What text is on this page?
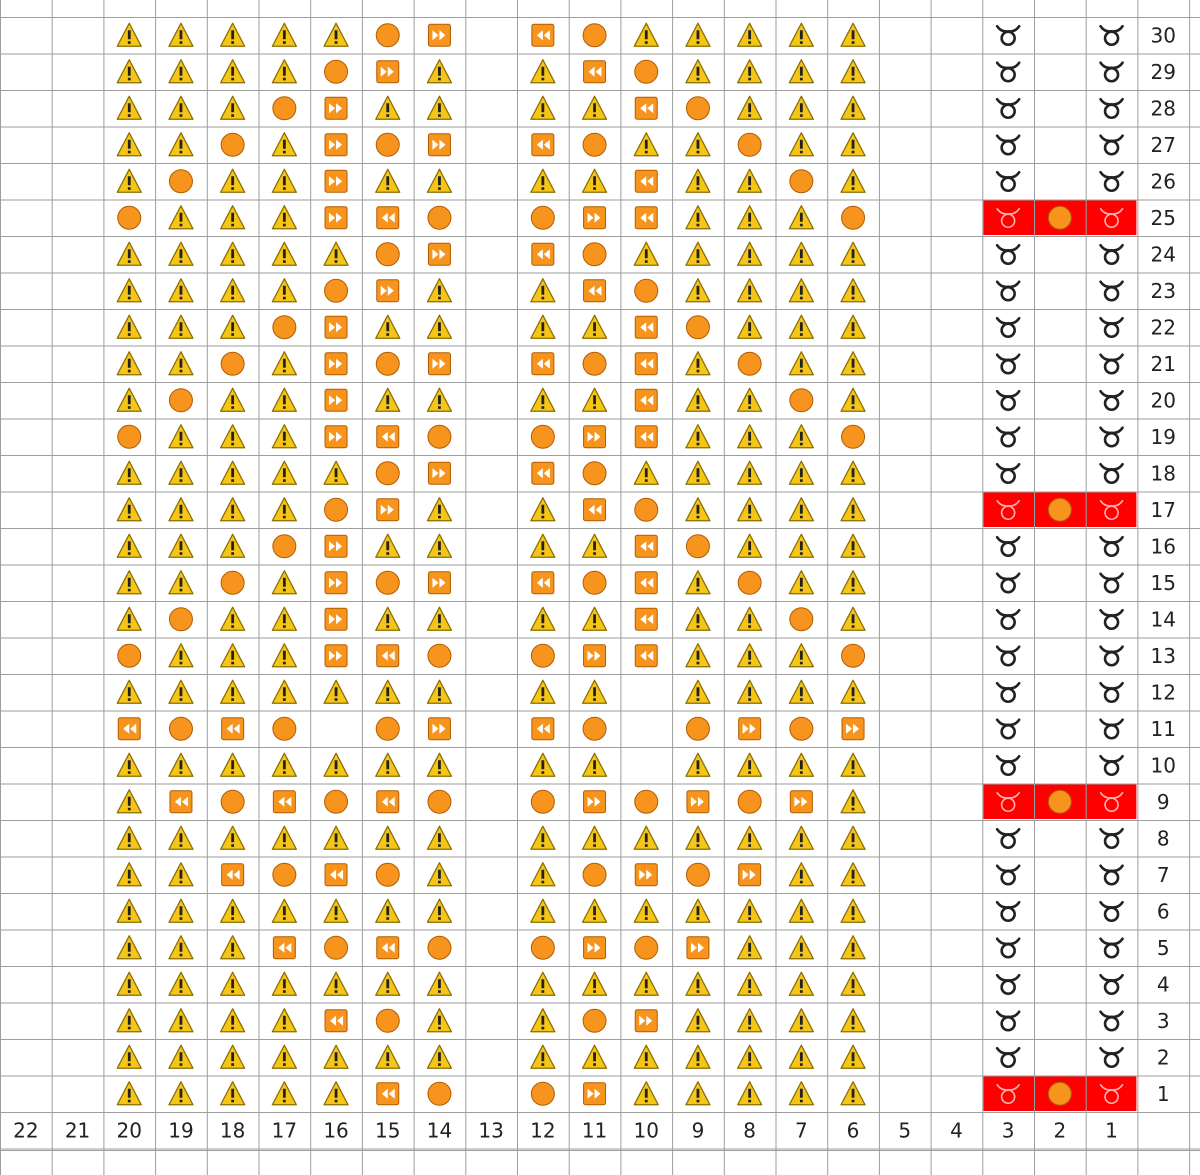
30
29
28
27
26
25
24
23
22
21
20
19
18
17
16
15
14
13
12
11
10
9
8
7
6
5
4
3
2
1
22 21 20 19 18 17 16 15 14 13 12 11 10 9 8 7 6 5 4 3 2 1
